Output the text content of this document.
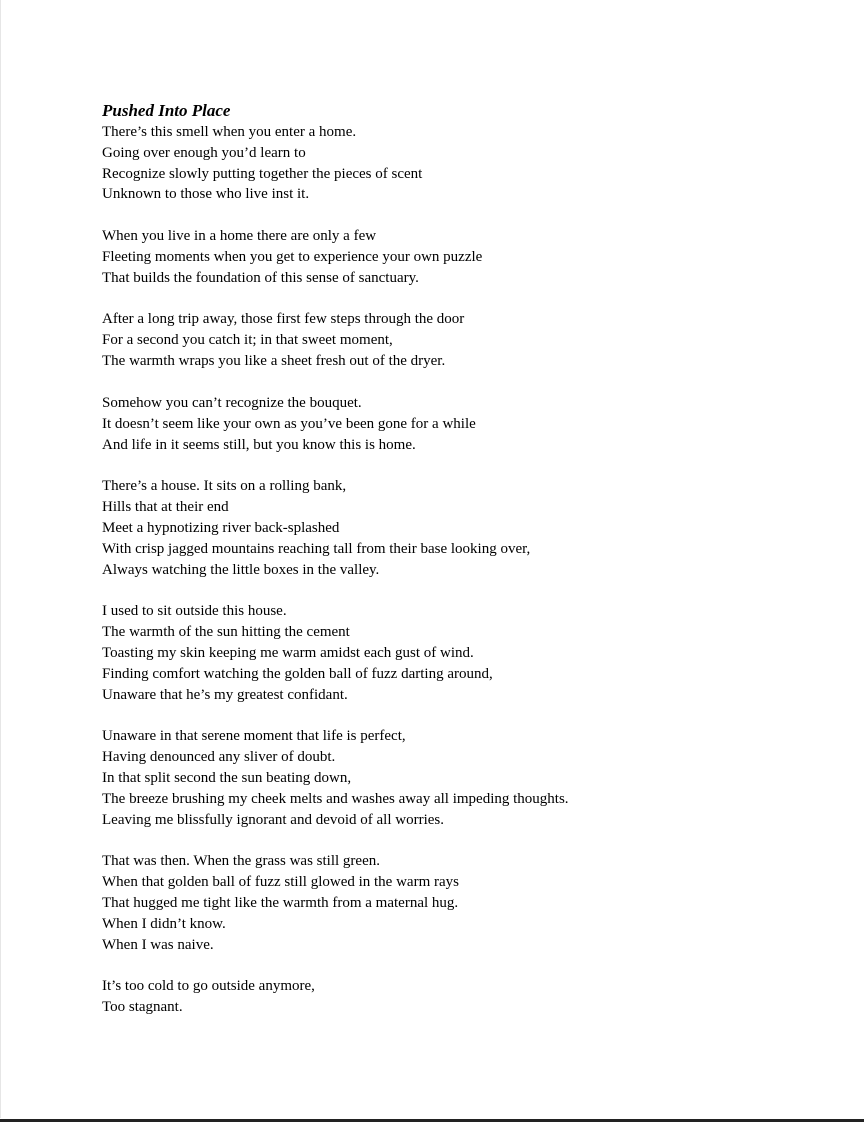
Pushed Into Place
There’s this smell when you enter a home.
Going over enough you’d learn to
Recognize slowly putting together the pieces of scent
Unknown to those who live inst it.
When you live in a home there are only a few
Fleeting moments when you get to experience your own puzzle
That builds the foundation of this sense of sanctuary.
After a long trip away, those first few steps through the door
For a second you catch it; in that sweet moment,
The warmth wraps you like a sheet fresh out of the dryer.
Somehow you can’t recognize the bouquet.
It doesn’t seem like your own as you’ve been gone for a while
And life in it seems still, but you know this is home.
There’s a house. It sits on a rolling bank,
Hills that at their end
Meet a hypnotizing river back-splashed
With crisp jagged mountains reaching tall from their base looking over,
Always watching the little boxes in the valley.
I used to sit outside this house.
The warmth of the sun hitting the cement
Toasting my skin keeping me warm amidst each gust of wind.
Finding comfort watching the golden ball of fuzz darting around,
Unaware that he’s my greatest confidant.
Unaware in that serene moment that life is perfect,
Having denounced any sliver of doubt.
In that split second the sun beating down,
The breeze brushing my cheek melts and washes away all impeding thoughts.
Leaving me blissfully ignorant and devoid of all worries.
That was then. When the grass was still green.
When that golden ball of fuzz still glowed in the warm rays
That hugged me tight like the warmth from a maternal hug.
When I didn’t know.
When I was naive.
It’s too cold to go outside anymore,
Too stagnant.
